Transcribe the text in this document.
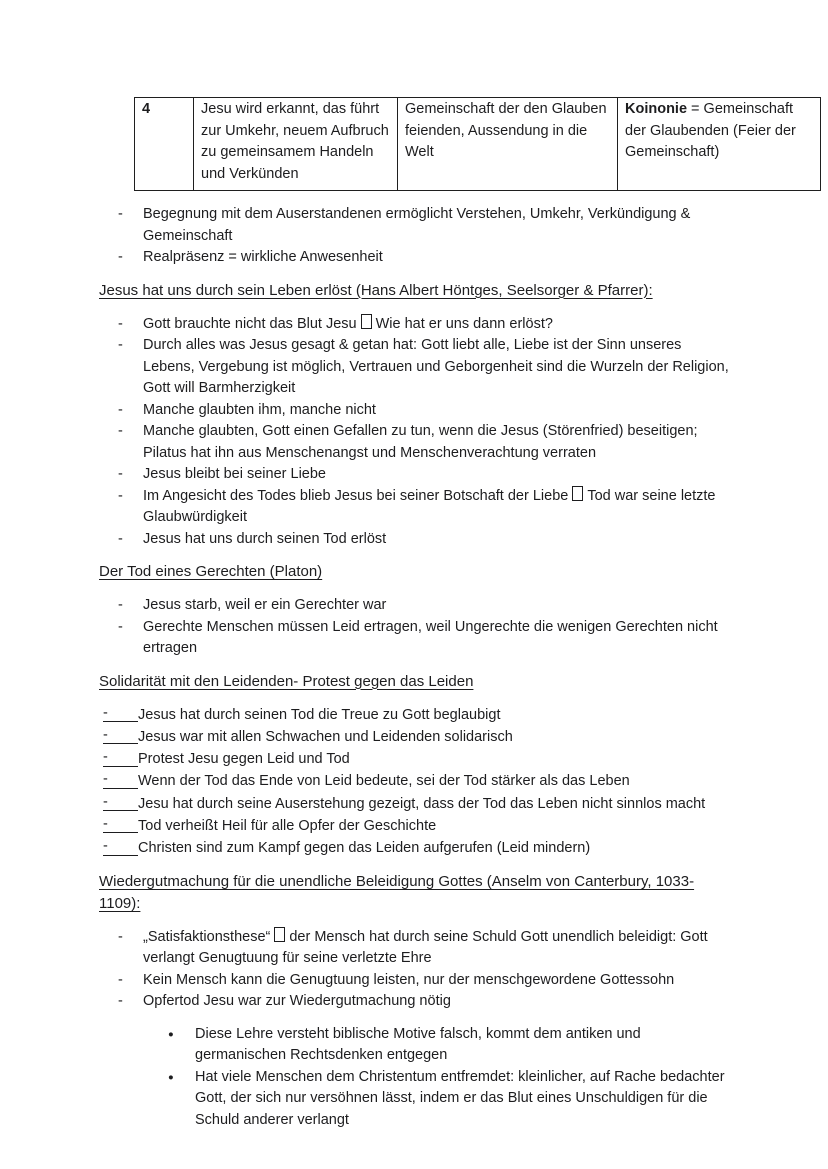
4	Jesu wird erkannt, das führt zur Umkehr, neuem Aufbruch zu gemeinsamem Handeln und Verkünden	Gemeinschaft der den Glauben feienden, Aussendung in die Welt	Koinonie = Gemeinschaft der Glaubenden (Feier der Gemeinschaft)
-	Begegnung mit dem Auserstandenen ermöglicht Verstehen, Umkehr, Verkündigung & Gemeinschaft
-	Realpräsenz = wirkliche Anwesenheit
Jesus hat uns durch sein Leben erlöst (Hans Albert Höntges, Seelsorger & Pfarrer):
-	Gott brauchte nicht das Blut Jesu Wie hat er uns dann erlöst?
-	Durch alles was Jesus gesagt & getan hat: Gott liebt alle, Liebe ist der Sinn unseres Lebens, Vergebung ist möglich, Vertrauen und Geborgenheit sind die Wurzeln der Religion, Gott will Barmherzigkeit
-	Manche glaubten ihm, manche nicht
-	Manche glaubten, Gott einen Gefallen zu tun, wenn die Jesus (Störenfried) beseitigen; Pilatus hat ihn aus Menschenangst und Menschenverachtung verraten
-	Jesus bleibt bei seiner Liebe
-	Im Angesicht des Todes blieb Jesus bei seiner Botschaft der Liebe Tod war seine letzte Glaubwürdigkeit
-	Jesus hat uns durch seinen Tod erlöst
Der Tod eines Gerechten (Platon)
-	Jesus starb, weil er ein Gerechter war
-	Gerechte Menschen müssen Leid ertragen, weil Ungerechte die wenigen Gerechten nicht ertragen
Solidarität mit den Leidenden- Protest gegen das Leiden
-	Jesus hat durch seinen Tod die Treue zu Gott beglaubigt
-	Jesus war mit allen Schwachen und Leidenden solidarisch
-	Protest Jesu gegen Leid und Tod
-	Wenn der Tod das Ende von Leid bedeute, sei der Tod stärker als das Leben
-	Jesu hat durch seine Auserstehung gezeigt, dass der Tod das Leben nicht sinnlos macht
-	Tod verheißt Heil für alle Opfer der Geschichte
-	Christen sind zum Kampf gegen das Leiden aufgerufen (Leid mindern)
Wiedergutmachung für die unendliche Beleidigung Gottes (Anselm von Canterbury, 1033-1109):
-	„Satisfaktionsthese“ der Mensch hat durch seine Schuld Gott unendlich beleidigt: Gott verlangt Genugtuung für seine verletzte Ehre
-	Kein Mensch kann die Genugtuung leisten, nur der menschgewordene Gottessohn
-	Opfertod Jesu war zur Wiedergutmachung nötig
●	Diese Lehre versteht biblische Motive falsch, kommt dem antiken und germanischen Rechtsdenken entgegen
●	Hat viele Menschen dem Christentum entfremdet: kleinlicher, auf Rache bedachter Gott, der sich nur versöhnen lässt, indem er das Blut eines Unschuldigen für die Schuld anderer verlangt
